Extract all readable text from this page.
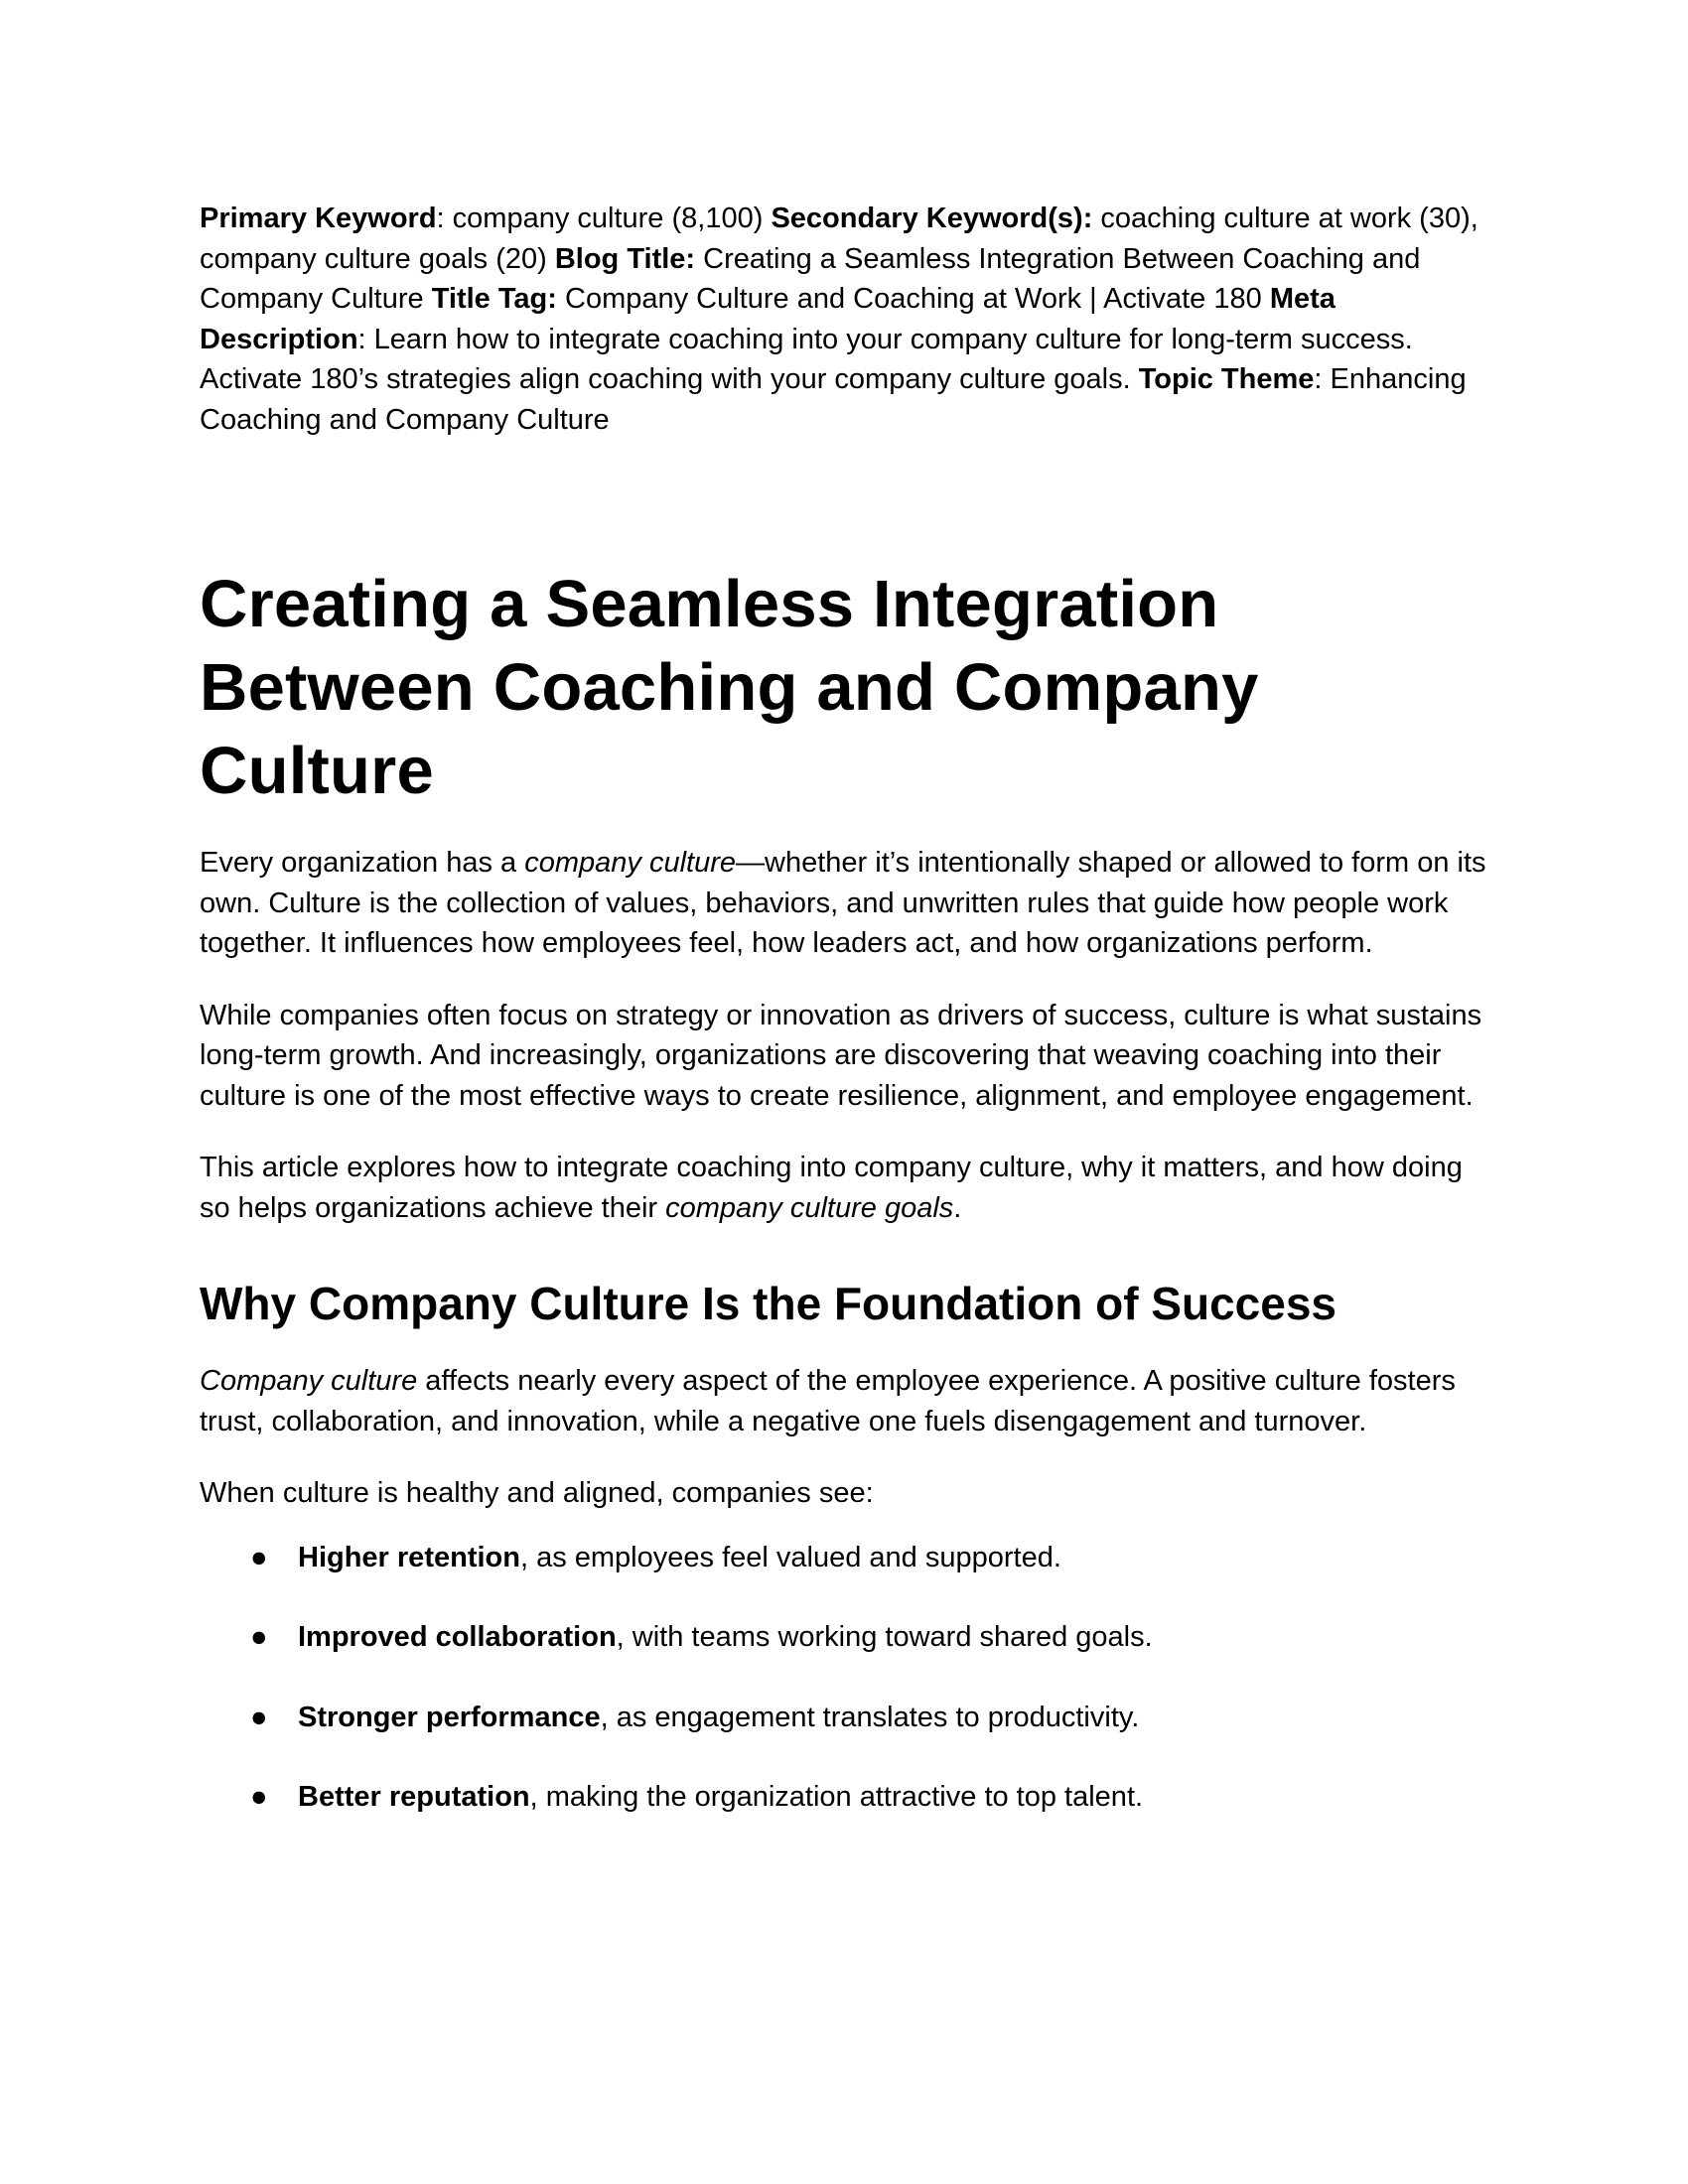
Primary Keyword: company culture (8,100) Secondary Keyword(s): coaching culture at work (30), company culture goals (20) Blog Title: Creating a Seamless Integration Between Coaching and Company Culture Title Tag: Company Culture and Coaching at Work | Activate 180 Meta Description: Learn how to integrate coaching into your company culture for long-term success. Activate 180’s strategies align coaching with your company culture goals. Topic Theme: Enhancing Coaching and Company Culture

Creating a Seamless Integration Between Coaching and Company Culture

Every organization has a company culture—whether it’s intentionally shaped or allowed to form on its own. Culture is the collection of values, behaviors, and unwritten rules that guide how people work together. It influences how employees feel, how leaders act, and how organizations perform.

While companies often focus on strategy or innovation as drivers of success, culture is what sustains long-term growth. And increasingly, organizations are discovering that weaving coaching into their culture is one of the most effective ways to create resilience, alignment, and employee engagement.

This article explores how to integrate coaching into company culture, why it matters, and how doing so helps organizations achieve their company culture goals.

Why Company Culture Is the Foundation of Success

Company culture affects nearly every aspect of the employee experience. A positive culture fosters trust, collaboration, and innovation, while a negative one fuels disengagement and turnover.

When culture is healthy and aligned, companies see:

● Higher retention, as employees feel valued and supported.
● Improved collaboration, with teams working toward shared goals.
● Stronger performance, as engagement translates to productivity.
● Better reputation, making the organization attractive to top talent.
